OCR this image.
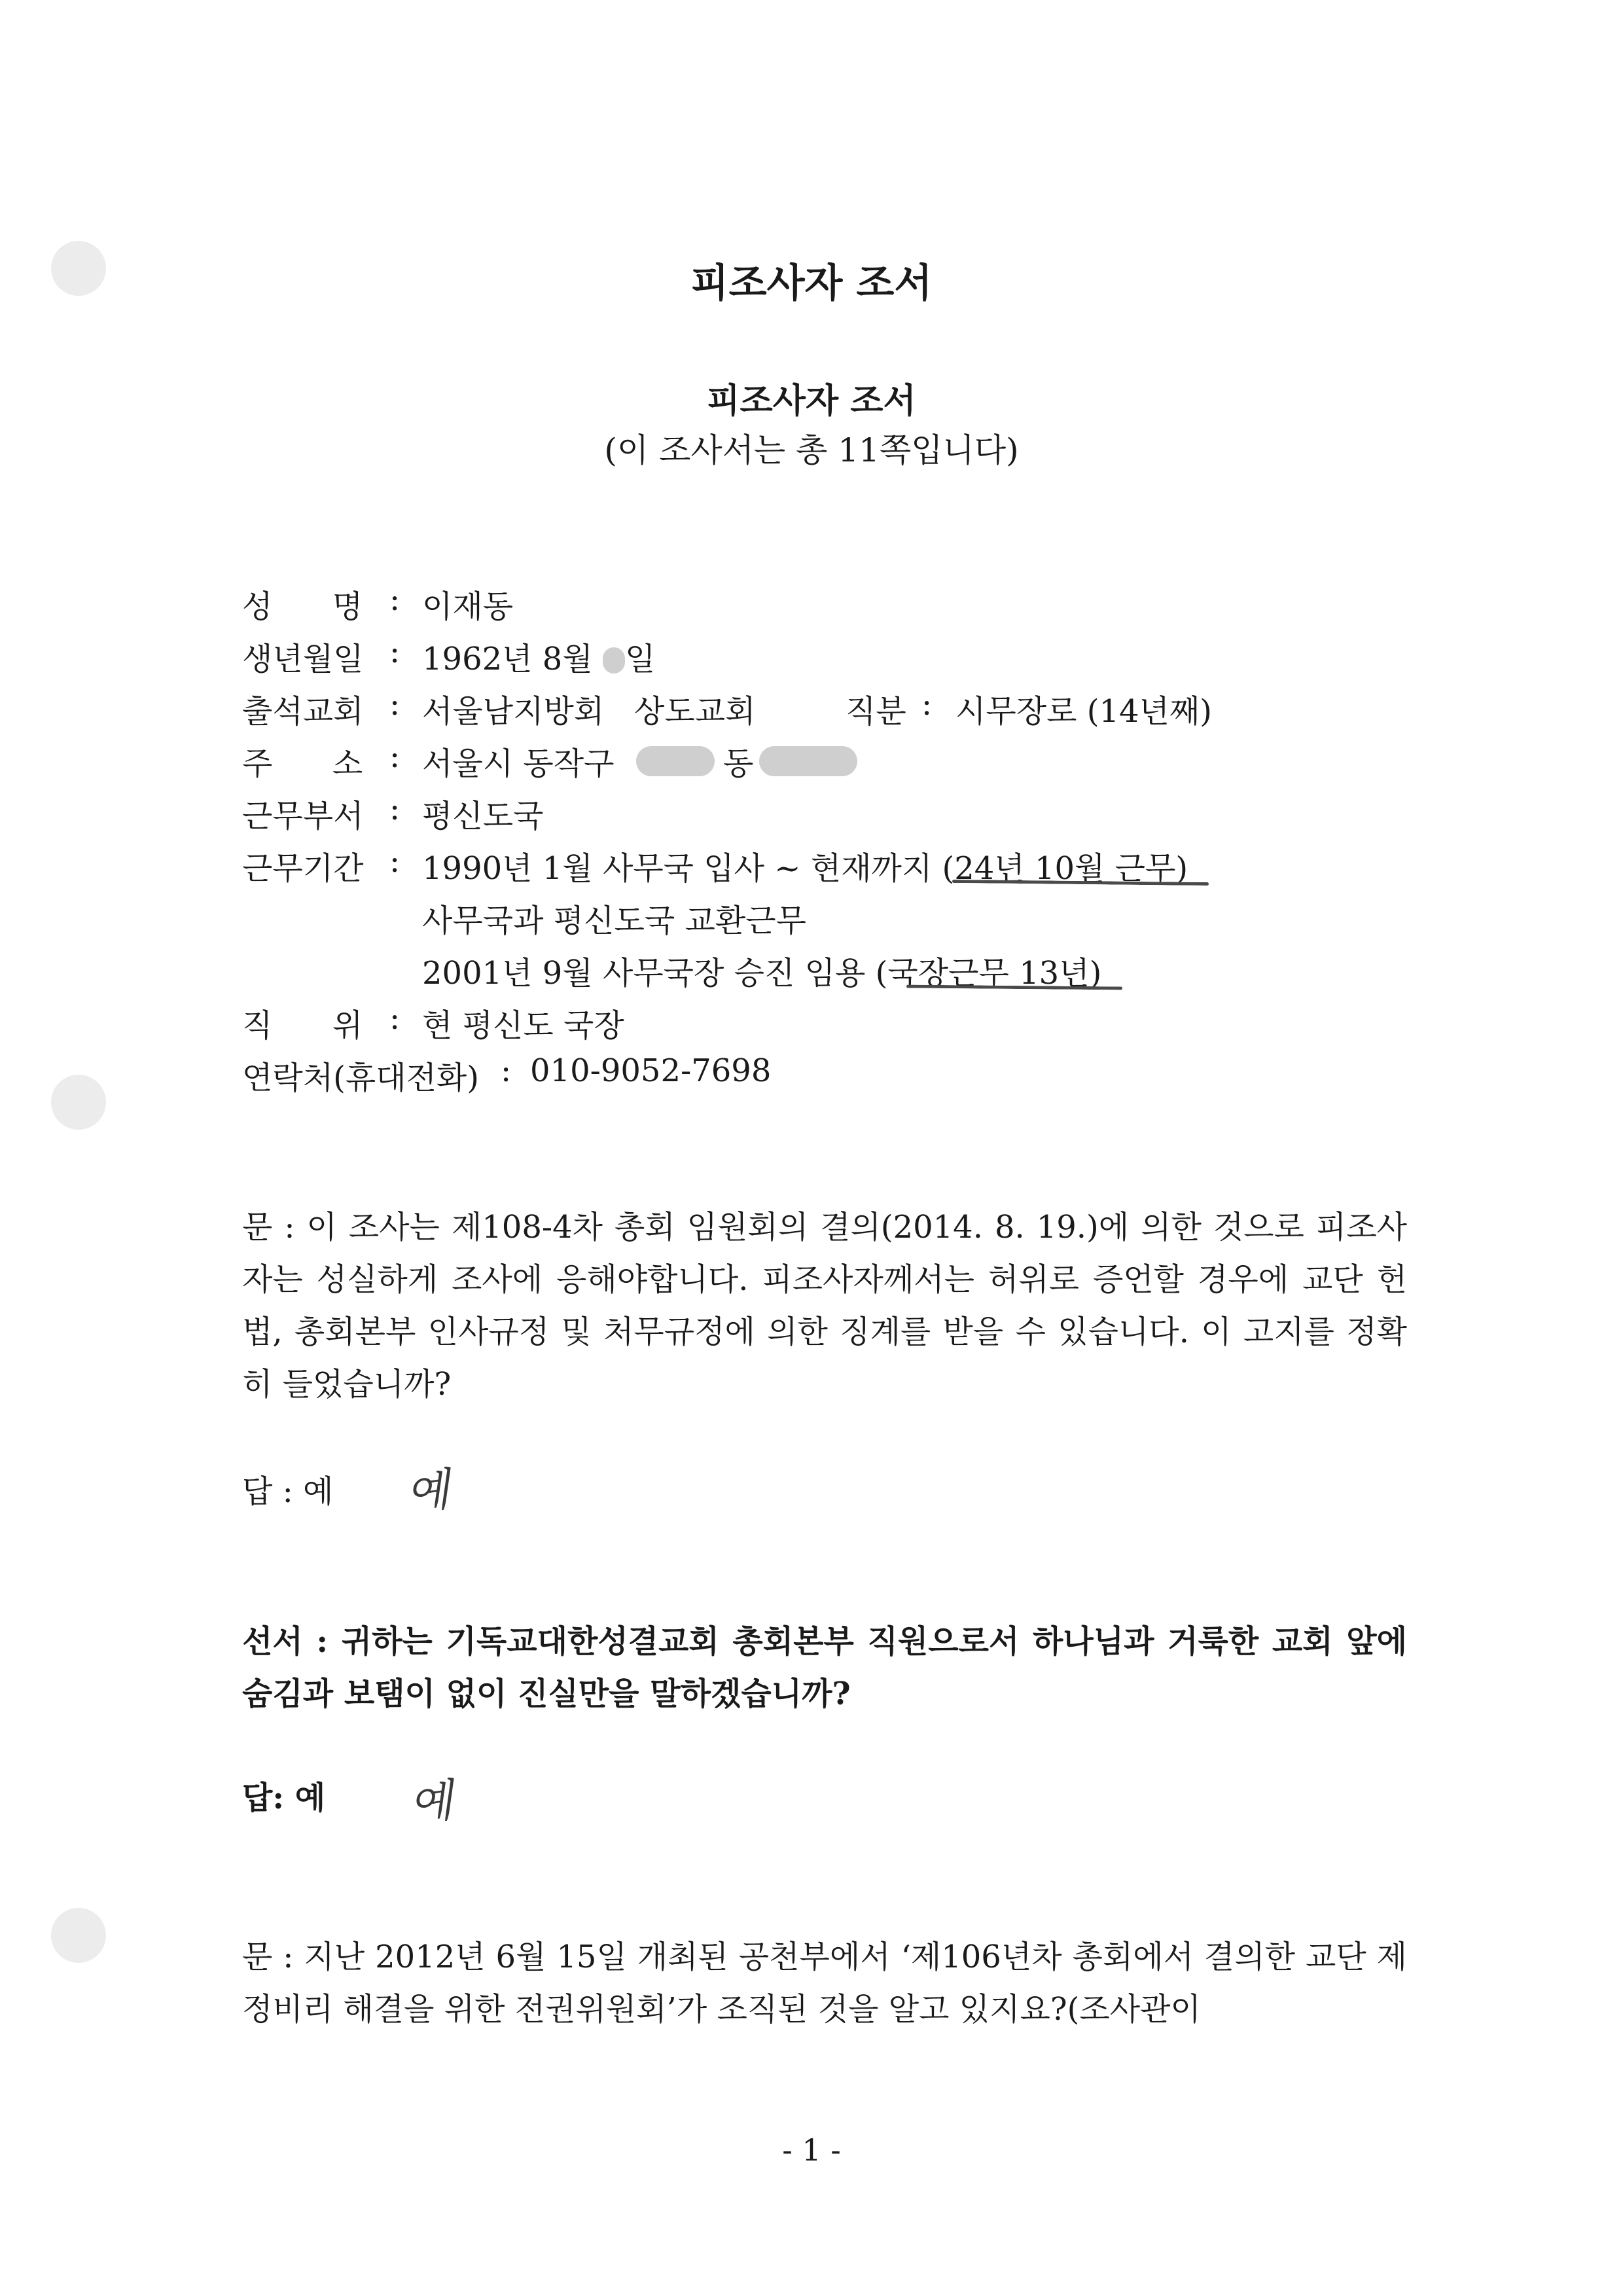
피조사자 조서
피조사자 조서
(이 조사서는 총 11쪽입니다)
성      명 : 이재동
생년월일 : 1962년 8월 일
출석교회 : 서울남지방회   상도교회	직분 : 시무장로 (14년째)
주      소 : 서울시 동작구	동
근무부서 : 평신도국
근무기간 : 1990년 1월 사무국 입사 ~ 현재까지 (24년 10월 근무)
사무국과 평신도국 교환근무
2001년 9월 사무국장 승진 임용 (국장근무 13년)
직      위 : 현 평신도 국장
연락처(휴대전화) : 010-9052-7698
문 : 이 조사는 제108-4차 총회 임원회의 결의(2014. 8. 19.)에 의한 것으로 피조사자는 성실하게 조사에 응해야합니다. 피조사자께서는 허위로 증언할 경우에 교단 헌법, 총회본부 인사규정 및 처무규정에 의한 징계를 받을 수 있습니다. 이 고지를 정확히 들었습니까?
답 : 예 예
선서 : 귀하는 기독교대한성결교회 총회본부 직원으로서 하나님과 거룩한 교회 앞에 숨김과 보탬이 없이 진실만을 말하겠습니까?
답: 예 예
문 : 지난 2012년 6월 15일 개최된 공천부에서 ‘제106년차 총회에서 결의한 교단 제정비리 해결을 위한 전권위원회’가 조직된 것을 알고 있지요?(조사관이
- 1 -
